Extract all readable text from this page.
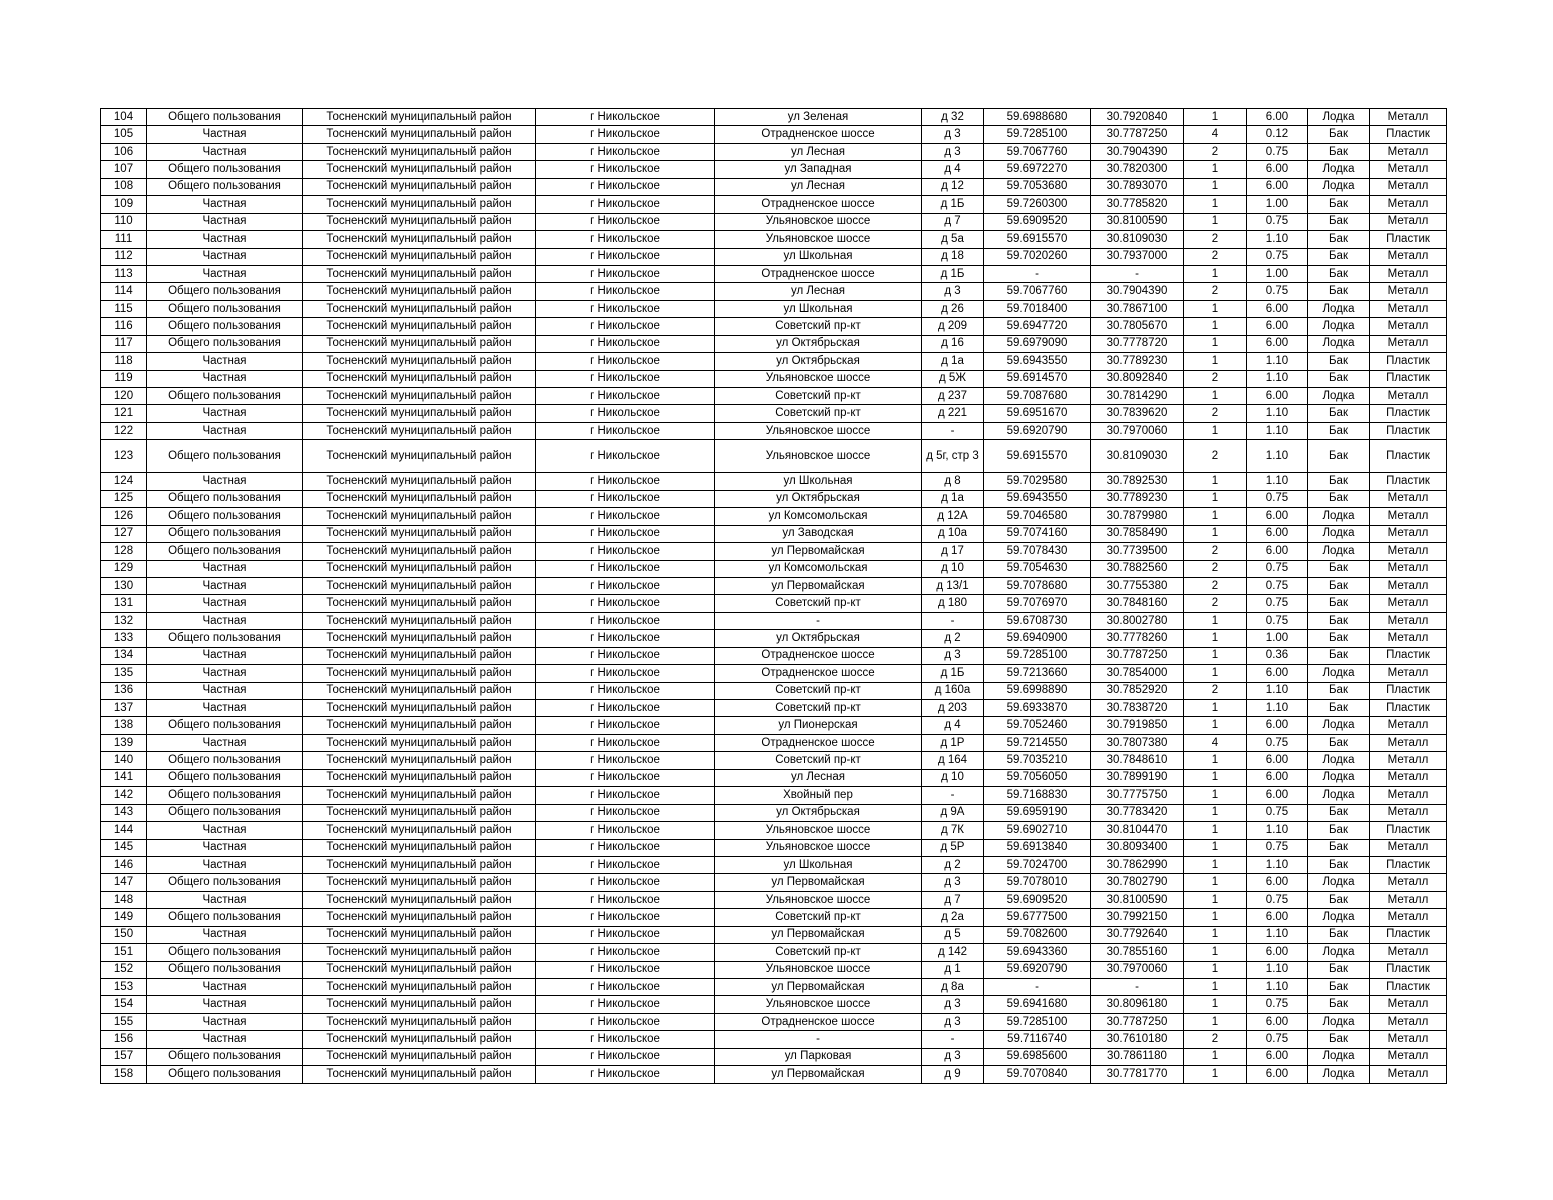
104	Общего пользования	Тосненский муниципальный район	г Никольское	ул Зеленая	д 32	59.6988680	30.7920840	1	6.00	Лодка	Металл
105	Частная	Тосненский муниципальный район	г Никольское	Отрадненское шоссе	д 3	59.7285100	30.7787250	4	0.12	Бак	Пластик
106	Частная	Тосненский муниципальный район	г Никольское	ул Лесная	д 3	59.7067760	30.7904390	2	0.75	Бак	Металл
107	Общего пользования	Тосненский муниципальный район	г Никольское	ул Западная	д 4	59.6972270	30.7820300	1	6.00	Лодка	Металл
108	Общего пользования	Тосненский муниципальный район	г Никольское	ул Лесная	д 12	59.7053680	30.7893070	1	6.00	Лодка	Металл
109	Частная	Тосненский муниципальный район	г Никольское	Отрадненское шоссе	д 1Б	59.7260300	30.7785820	1	1.00	Бак	Металл
110	Частная	Тосненский муниципальный район	г Никольское	Ульяновское шоссе	д 7	59.6909520	30.8100590	1	0.75	Бак	Металл
111	Частная	Тосненский муниципальный район	г Никольское	Ульяновское шоссе	д 5а	59.6915570	30.8109030	2	1.10	Бак	Пластик
112	Частная	Тосненский муниципальный район	г Никольское	ул Школьная	д 18	59.7020260	30.7937000	2	0.75	Бак	Металл
113	Частная	Тосненский муниципальный район	г Никольское	Отрадненское шоссе	д 1Б	-	-	1	1.00	Бак	Металл
114	Общего пользования	Тосненский муниципальный район	г Никольское	ул Лесная	д 3	59.7067760	30.7904390	2	0.75	Бак	Металл
115	Общего пользования	Тосненский муниципальный район	г Никольское	ул Школьная	д 26	59.7018400	30.7867100	1	6.00	Лодка	Металл
116	Общего пользования	Тосненский муниципальный район	г Никольское	Советский пр-кт	д 209	59.6947720	30.7805670	1	6.00	Лодка	Металл
117	Общего пользования	Тосненский муниципальный район	г Никольское	ул Октябрьская	д 16	59.6979090	30.7778720	1	6.00	Лодка	Металл
118	Частная	Тосненский муниципальный район	г Никольское	ул Октябрьская	д 1а	59.6943550	30.7789230	1	1.10	Бак	Пластик
119	Частная	Тосненский муниципальный район	г Никольское	Ульяновское шоссе	д 5Ж	59.6914570	30.8092840	2	1.10	Бак	Пластик
120	Общего пользования	Тосненский муниципальный район	г Никольское	Советский пр-кт	д 237	59.7087680	30.7814290	1	6.00	Лодка	Металл
121	Частная	Тосненский муниципальный район	г Никольское	Советский пр-кт	д 221	59.6951670	30.7839620	2	1.10	Бак	Пластик
122	Частная	Тосненский муниципальный район	г Никольское	Ульяновское шоссе	-	59.6920790	30.7970060	1	1.10	Бак	Пластик
123	Общего пользования	Тосненский муниципальный район	г Никольское	Ульяновское шоссе	д 5г, стр 3	59.6915570	30.8109030	2	1.10	Бак	Пластик
124	Частная	Тосненский муниципальный район	г Никольское	ул Школьная	д 8	59.7029580	30.7892530	1	1.10	Бак	Пластик
125	Общего пользования	Тосненский муниципальный район	г Никольское	ул Октябрьская	д 1а	59.6943550	30.7789230	1	0.75	Бак	Металл
126	Общего пользования	Тосненский муниципальный район	г Никольское	ул Комсомольская	д 12А	59.7046580	30.7879980	1	6.00	Лодка	Металл
127	Общего пользования	Тосненский муниципальный район	г Никольское	ул Заводская	д 10а	59.7074160	30.7858490	1	6.00	Лодка	Металл
128	Общего пользования	Тосненский муниципальный район	г Никольское	ул Первомайская	д 17	59.7078430	30.7739500	2	6.00	Лодка	Металл
129	Частная	Тосненский муниципальный район	г Никольское	ул Комсомольская	д 10	59.7054630	30.7882560	2	0.75	Бак	Металл
130	Частная	Тосненский муниципальный район	г Никольское	ул Первомайская	д 13/1	59.7078680	30.7755380	2	0.75	Бак	Металл
131	Частная	Тосненский муниципальный район	г Никольское	Советский пр-кт	д 180	59.7076970	30.7848160	2	0.75	Бак	Металл
132	Частная	Тосненский муниципальный район	г Никольское	-	-	59.6708730	30.8002780	1	0.75	Бак	Металл
133	Общего пользования	Тосненский муниципальный район	г Никольское	ул Октябрьская	д 2	59.6940900	30.7778260	1	1.00	Бак	Металл
134	Частная	Тосненский муниципальный район	г Никольское	Отрадненское шоссе	д 3	59.7285100	30.7787250	1	0.36	Бак	Пластик
135	Частная	Тосненский муниципальный район	г Никольское	Отрадненское шоссе	д 1Б	59.7213660	30.7854000	1	6.00	Лодка	Металл
136	Частная	Тосненский муниципальный район	г Никольское	Советский пр-кт	д 160а	59.6998890	30.7852920	2	1.10	Бак	Пластик
137	Частная	Тосненский муниципальный район	г Никольское	Советский пр-кт	д 203	59.6933870	30.7838720	1	1.10	Бак	Пластик
138	Общего пользования	Тосненский муниципальный район	г Никольское	ул Пионерская	д 4	59.7052460	30.7919850	1	6.00	Лодка	Металл
139	Частная	Тосненский муниципальный район	г Никольское	Отрадненское шоссе	д 1Р	59.7214550	30.7807380	4	0.75	Бак	Металл
140	Общего пользования	Тосненский муниципальный район	г Никольское	Советский пр-кт	д 164	59.7035210	30.7848610	1	6.00	Лодка	Металл
141	Общего пользования	Тосненский муниципальный район	г Никольское	ул Лесная	д 10	59.7056050	30.7899190	1	6.00	Лодка	Металл
142	Общего пользования	Тосненский муниципальный район	г Никольское	Хвойный пер	-	59.7168830	30.7775750	1	6.00	Лодка	Металл
143	Общего пользования	Тосненский муниципальный район	г Никольское	ул Октябрьская	д 9А	59.6959190	30.7783420	1	0.75	Бак	Металл
144	Частная	Тосненский муниципальный район	г Никольское	Ульяновское шоссе	д 7К	59.6902710	30.8104470	1	1.10	Бак	Пластик
145	Частная	Тосненский муниципальный район	г Никольское	Ульяновское шоссе	д 5Р	59.6913840	30.8093400	1	0.75	Бак	Металл
146	Частная	Тосненский муниципальный район	г Никольское	ул Школьная	д 2	59.7024700	30.7862990	1	1.10	Бак	Пластик
147	Общего пользования	Тосненский муниципальный район	г Никольское	ул Первомайская	д 3	59.7078010	30.7802790	1	6.00	Лодка	Металл
148	Частная	Тосненский муниципальный район	г Никольское	Ульяновское шоссе	д 7	59.6909520	30.8100590	1	0.75	Бак	Металл
149	Общего пользования	Тосненский муниципальный район	г Никольское	Советский пр-кт	д 2а	59.6777500	30.7992150	1	6.00	Лодка	Металл
150	Частная	Тосненский муниципальный район	г Никольское	ул Первомайская	д 5	59.7082600	30.7792640	1	1.10	Бак	Пластик
151	Общего пользования	Тосненский муниципальный район	г Никольское	Советский пр-кт	д 142	59.6943360	30.7855160	1	6.00	Лодка	Металл
152	Общего пользования	Тосненский муниципальный район	г Никольское	Ульяновское шоссе	д 1	59.6920790	30.7970060	1	1.10	Бак	Пластик
153	Частная	Тосненский муниципальный район	г Никольское	ул Первомайская	д 8а	-	-	1	1.10	Бак	Пластик
154	Частная	Тосненский муниципальный район	г Никольское	Ульяновское шоссе	д 3	59.6941680	30.8096180	1	0.75	Бак	Металл
155	Частная	Тосненский муниципальный район	г Никольское	Отрадненское шоссе	д 3	59.7285100	30.7787250	1	6.00	Лодка	Металл
156	Частная	Тосненский муниципальный район	г Никольское	-	-	59.7116740	30.7610180	2	0.75	Бак	Металл
157	Общего пользования	Тосненский муниципальный район	г Никольское	ул Парковая	д 3	59.6985600	30.7861180	1	6.00	Лодка	Металл
158	Общего пользования	Тосненский муниципальный район	г Никольское	ул Первомайская	д 9	59.7070840	30.7781770	1	6.00	Лодка	Металл
